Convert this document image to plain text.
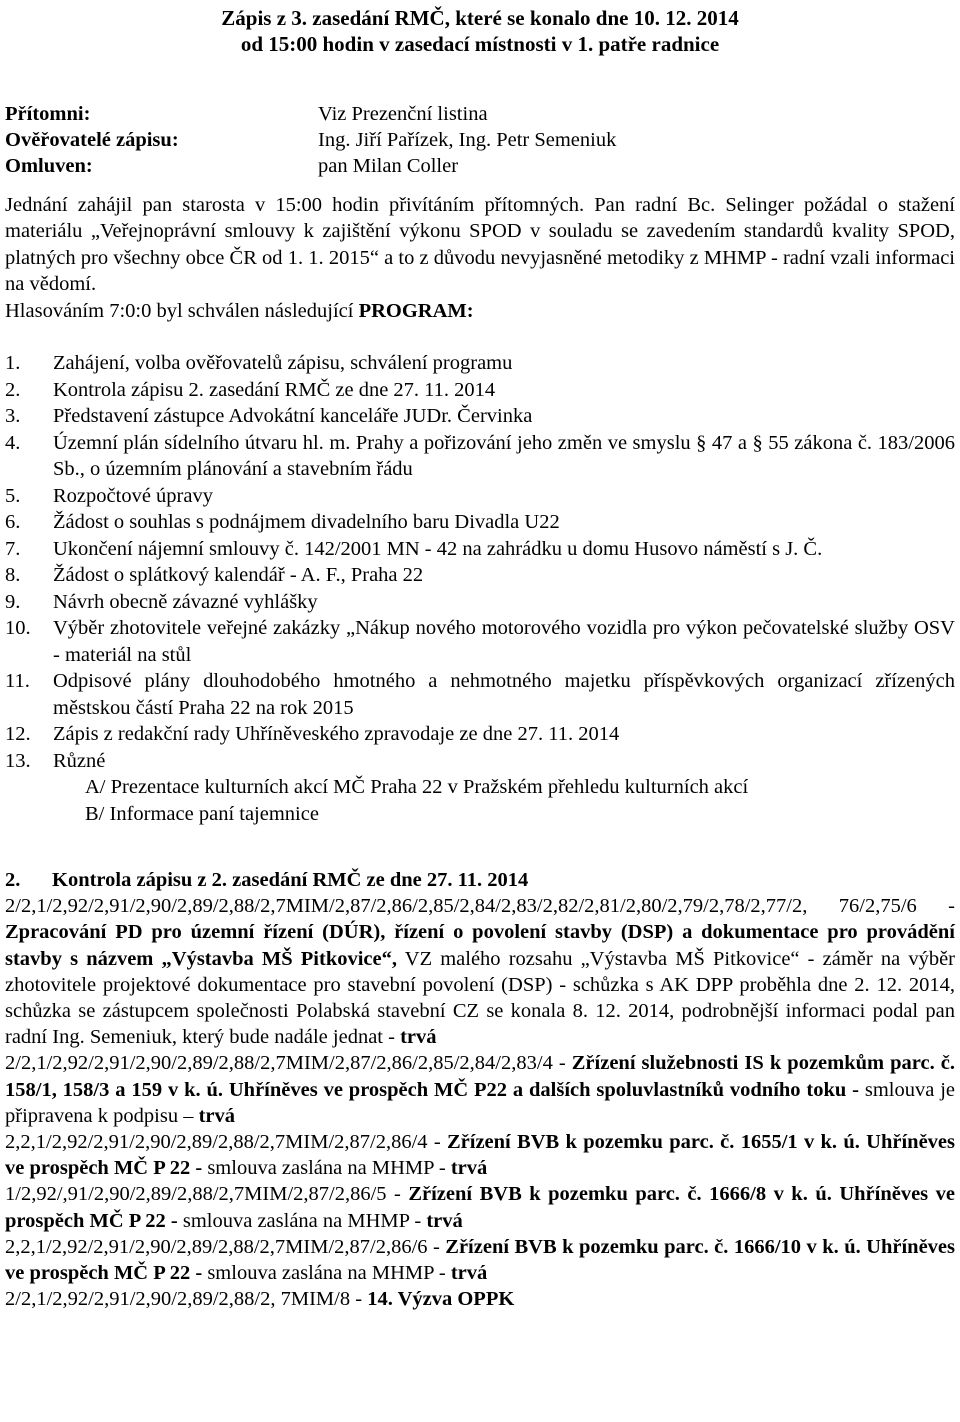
Zápis z 3. zasedání RMČ, které se konalo dne 10. 12. 2014
od 15:00 hodin v zasedací místnosti v 1. patře radnice
Přítomni:	Viz Prezenční listina
Ověřovatelé zápisu:	Ing. Jiří Pařízek, Ing. Petr Semeniuk
Omluven:	pan Milan Coller
Jednání zahájil pan starosta v 15:00 hodin přivítáním přítomných. Pan radní Bc. Selinger požádal o stažení materiálu „Veřejnoprávní smlouvy k zajištění výkonu SPOD v souladu se zavedením standardů kvality SPOD, platných pro všechny obce ČR od 1. 1. 2015“ a to z důvodu nevyjasněné metodiky z MHMP - radní vzali informaci na vědomí.
Hlasováním 7:0:0 byl schválen následující PROGRAM:
1.	Zahájení, volba ověřovatelů zápisu, schválení programu
2.	Kontrola zápisu 2. zasedání RMČ ze dne 27. 11. 2014
3.	Představení zástupce Advokátní kanceláře JUDr. Červinka
4.	Územní plán sídelního útvaru hl. m. Prahy a pořizování jeho změn ve smyslu § 47 a § 55 zákona č. 183/2006 Sb., o územním plánování a stavebním řádu
5.	Rozpočtové úpravy
6.	Žádost o souhlas s podnájmem divadelního baru Divadla U22
7.	Ukončení nájemní smlouvy č. 142/2001 MN - 42 na zahrádku u domu Husovo náměstí s J. Č.
8.	Žádost o splátkový kalendář - A. F., Praha 22
9.	Návrh obecně závazné vyhlášky
10.	Výběr zhotovitele veřejné zakázky „Nákup nového motorového vozidla pro výkon pečovatelské služby OSV - materiál na stůl
11.	Odpisové plány dlouhodobého hmotného a nehmotného majetku příspěvkových organizací zřízených městskou částí Praha 22 na rok 2015
12.	Zápis z redakční rady Uhříněveského zpravodaje ze dne 27. 11. 2014
13.	Různé
A/ Prezentace kulturních akcí MČ Praha 22 v Pražském přehledu kulturních akcí
B/ Informace paní tajemnice
2.	Kontrola zápisu z 2. zasedání RMČ ze dne 27. 11. 2014
2/2,1/2,92/2,91/2,90/2,89/2,88/2,7MIM/2,87/2,86/2,85/2,84/2,83/2,82/2,81/2,80/2,79/2,78/2,77/2, 76/2,75/6 - Zpracování PD pro územní řízení (DÚR), řízení o povolení stavby (DSP) a dokumentace pro provádění stavby s názvem „Výstavba MŠ Pitkovice“, VZ malého rozsahu „Výstavba MŠ Pitkovice“ - záměr na výběr zhotovitele projektové dokumentace pro stavební povolení (DSP) - schůzka s AK DPP proběhla dne 2. 12. 2014, schůzka se zástupcem společnosti Polabská stavební CZ se konala 8. 12. 2014, podrobnější informaci podal pan radní Ing. Semeniuk, který bude nadále jednat - trvá
2/2,1/2,92/2,91/2,90/2,89/2,88/2,7MIM/2,87/2,86/2,85/2,84/2,83/4 - Zřízení služebnosti IS k pozemkům parc. č. 158/1, 158/3 a 159 v k. ú. Uhříněves ve prospěch MČ P22 a dalších spoluvlastníků vodního toku - smlouva je připravena k podpisu – trvá
2,2,1/2,92/2,91/2,90/2,89/2,88/2,7MIM/2,87/2,86/4 - Zřízení BVB k pozemku parc. č. 1655/1 v k. ú. Uhříněves ve prospěch MČ P 22 - smlouva zaslána na MHMP - trvá
1/2,92/,91/2,90/2,89/2,88/2,7MIM/2,87/2,86/5 - Zřízení BVB k pozemku parc. č. 1666/8 v k. ú. Uhříněves ve prospěch MČ P 22 - smlouva zaslána na MHMP - trvá
2,2,1/2,92/2,91/2,90/2,89/2,88/2,7MIM/2,87/2,86/6 - Zřízení BVB k pozemku parc. č. 1666/10 v k. ú. Uhříněves ve prospěch MČ P 22 - smlouva zaslána na MHMP - trvá
2/2,1/2,92/2,91/2,90/2,89/2,88/2, 7MIM/8 - 14. Výzva OPPK
